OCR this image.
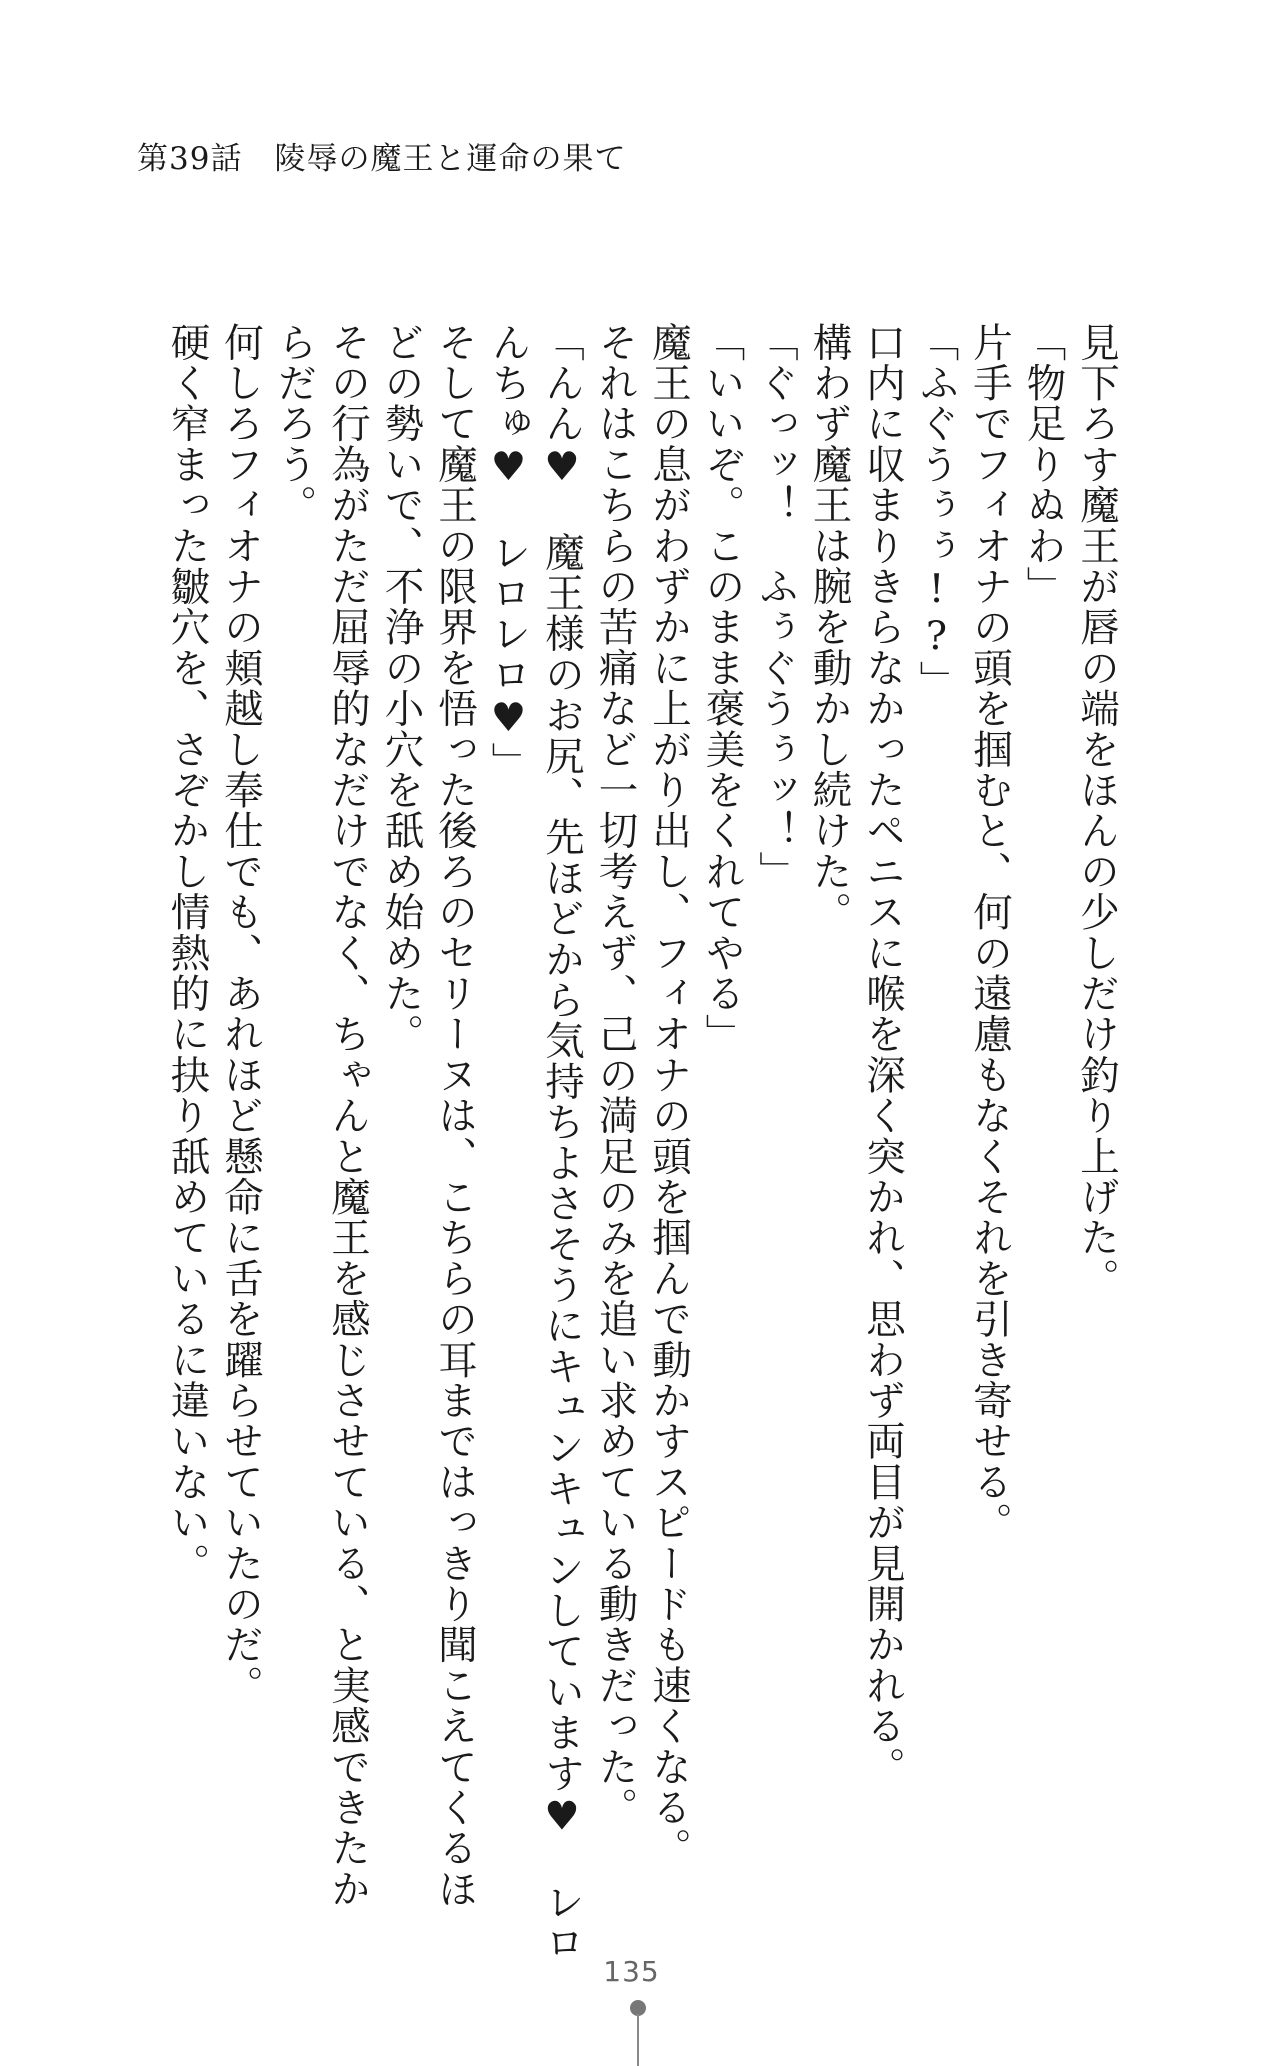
第39話　陵辱の魔王と運命の果て

見下ろす魔王が唇の端をほんの少しだけ釣り上げた。

「物足りぬわ」

片手でフィオナの頭を掴むと、何の遠慮もなくそれを引き寄せる。

「ふぐうぅぅ!?」

口内に収まりきらなかったペニスに喉を深く突かれ、思わず両目が見開かれる。

構わず魔王は腕を動かし続けた。

「ぐっッ！　ふぅぐうぅッ！」

「いいぞ。このまま褒美をくれてやる」

魔王の息がわずかに上がり出し、フィオナの頭を掴んで動かすスピードも速くなる。

それはこちらの苦痛など一切考えず、己の満足のみを追い求めている動きだった。

「んん♥　魔王様のお尻、先ほどから気持ちよさそうにキュンキュンしています♥　レロ

んちゅ♥　レロレロ♥」

そして魔王の限界を悟った後ろのセリーヌは、こちらの耳まではっきり聞こえてくるほ

どの勢いで、不浄の小穴を舐め始めた。

その行為がただ屈辱的なだけでなく、ちゃんと魔王を感じさせている、と実感できたか

らだろう。

何しろフィオナの頬越し奉仕でも、あれほど懸命に舌を躍らせていたのだ。

硬く窄まった皺穴を、さぞかし情熱的に抉り舐めているに違いない。

135
